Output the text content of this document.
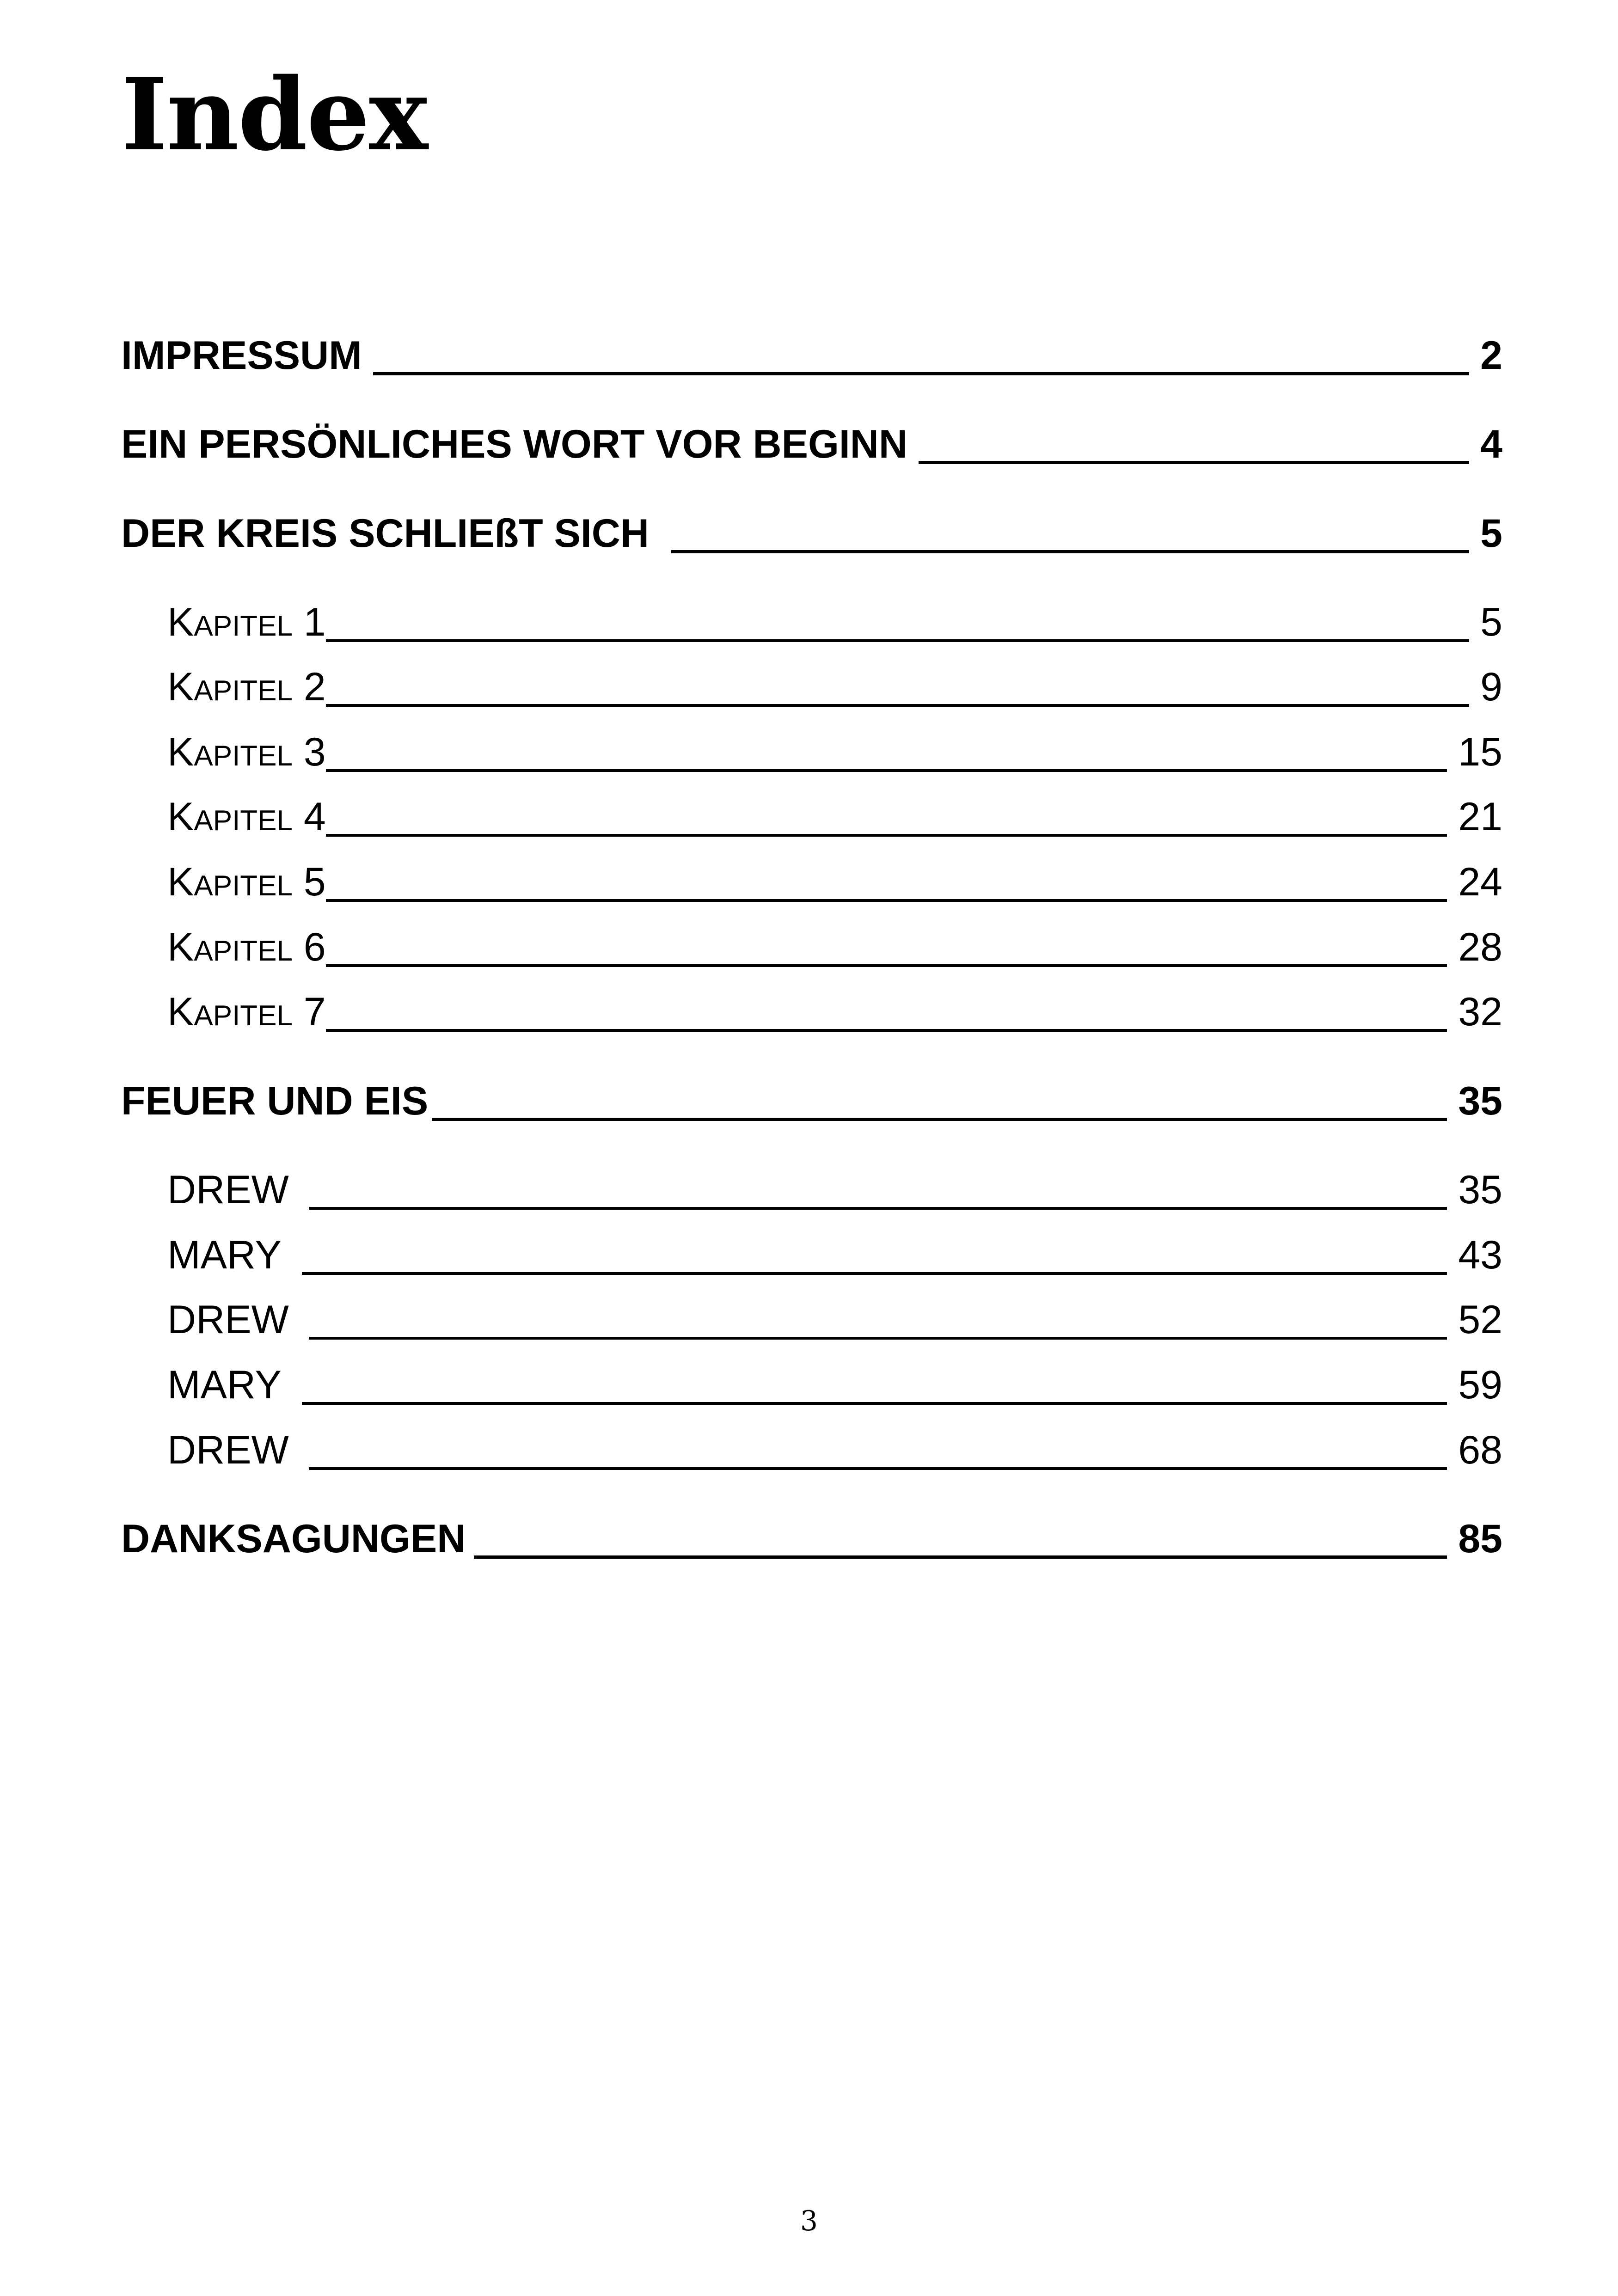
Index
IMPRESSUM	2
EIN PERSÖNLICHES WORT VOR BEGINN	4
DER KREIS SCHLIEßT SICH	5
KAPITEL 1	5
KAPITEL 2	9
KAPITEL 3	15
KAPITEL 4	21
KAPITEL 5	24
KAPITEL 6	28
KAPITEL 7	32
FEUER UND EIS	35
DREW	35
MARY	43
DREW	52
MARY	59
DREW	68
DANKSAGUNGEN	85
3
